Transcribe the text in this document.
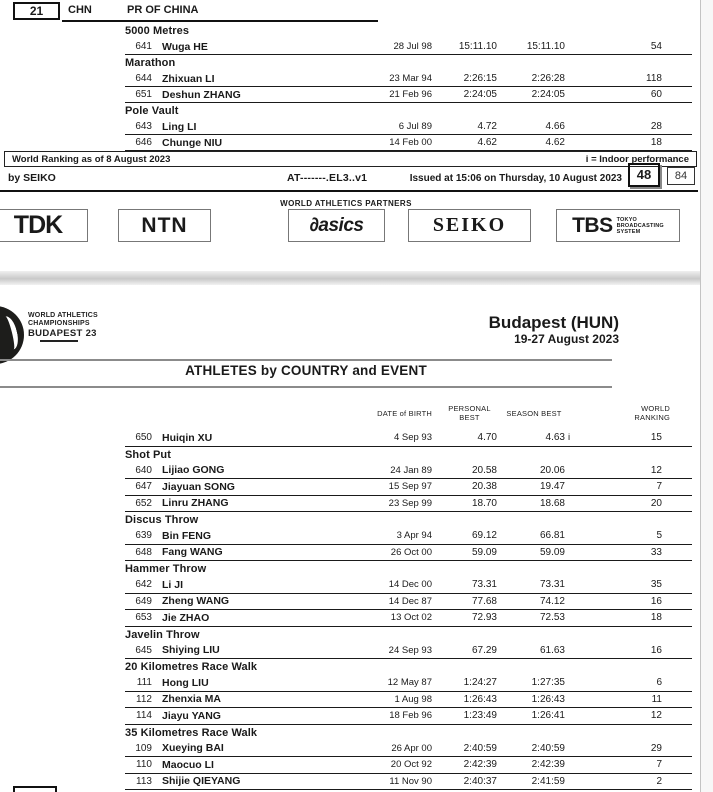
21	CHN	PR OF CHINA
5000 Metres
641 Wuga HE	28 Jul 98	15:11.10	15:11.10	54
Marathon
644 Zhixuan LI	23 Mar 94	2:26:15	2:26:28	118
651 Deshun ZHANG	21 Feb 96	2:24:05	2:24:05	60
Pole Vault
643 Ling LI	6 Jul 89	4.72	4.66	28
646 Chunge NIU	14 Feb 00	4.62	4.62	18
World Ranking as of 8 August 2023	i = Indoor performance
by SEIKO	AT-------.EL3..v1	Issued at 15:06 on Thursday, 10 August 2023	48	84
WORLD ATHLETICS PARTNERS
TDK	NTN	∂asics	SEIKO	TBS TOKYO
BROADCASTING
SYSTEM
WORLD ATHLETICS
CHAMPIONSHIPS
BUDAPEST 23
Budapest (HUN)
19-27 August 2023
ATHLETES by COUNTRY and EVENT
DATE of BIRTH
PERSONAL
BEST	SEASON BEST
WORLD
RANKING
650 Huiqin XU	4 Sep 93	4.70	4.63 i	15
Shot Put
640 Lijiao GONG	24 Jan 89	20.58	20.06	12
647 Jiayuan SONG	15 Sep 97	20.38	19.47	7
652 Linru ZHANG	23 Sep 99	18.70	18.68	20
Discus Throw
639 Bin FENG	3 Apr 94	69.12	66.81	5
648 Fang WANG	26 Oct 00	59.09	59.09	33
Hammer Throw
642 Li JI	14 Dec 00	73.31	73.31	35
649 Zheng WANG	14 Dec 87	77.68	74.12	16
653 Jie ZHAO	13 Oct 02	72.93	72.53	18
Javelin Throw
645 Shiying LIU	24 Sep 93	67.29	61.63	16
20 Kilometres Race Walk
111 Hong LIU	12 May 87	1:24:27	1:27:35	6
112 Zhenxia MA	1 Aug 98	1:26:43	1:26:43	11
114 Jiayu YANG	18 Feb 96	1:23:49	1:26:41	12
35 Kilometres Race Walk
109 Xueying BAI	26 Apr 00	2:40:59	2:40:59	29
110 Maocuo LI	20 Oct 92	2:42:39	2:42:39	7
113 Shijie QIEYANG	11 Nov 90	2:40:37	2:41:59	2
